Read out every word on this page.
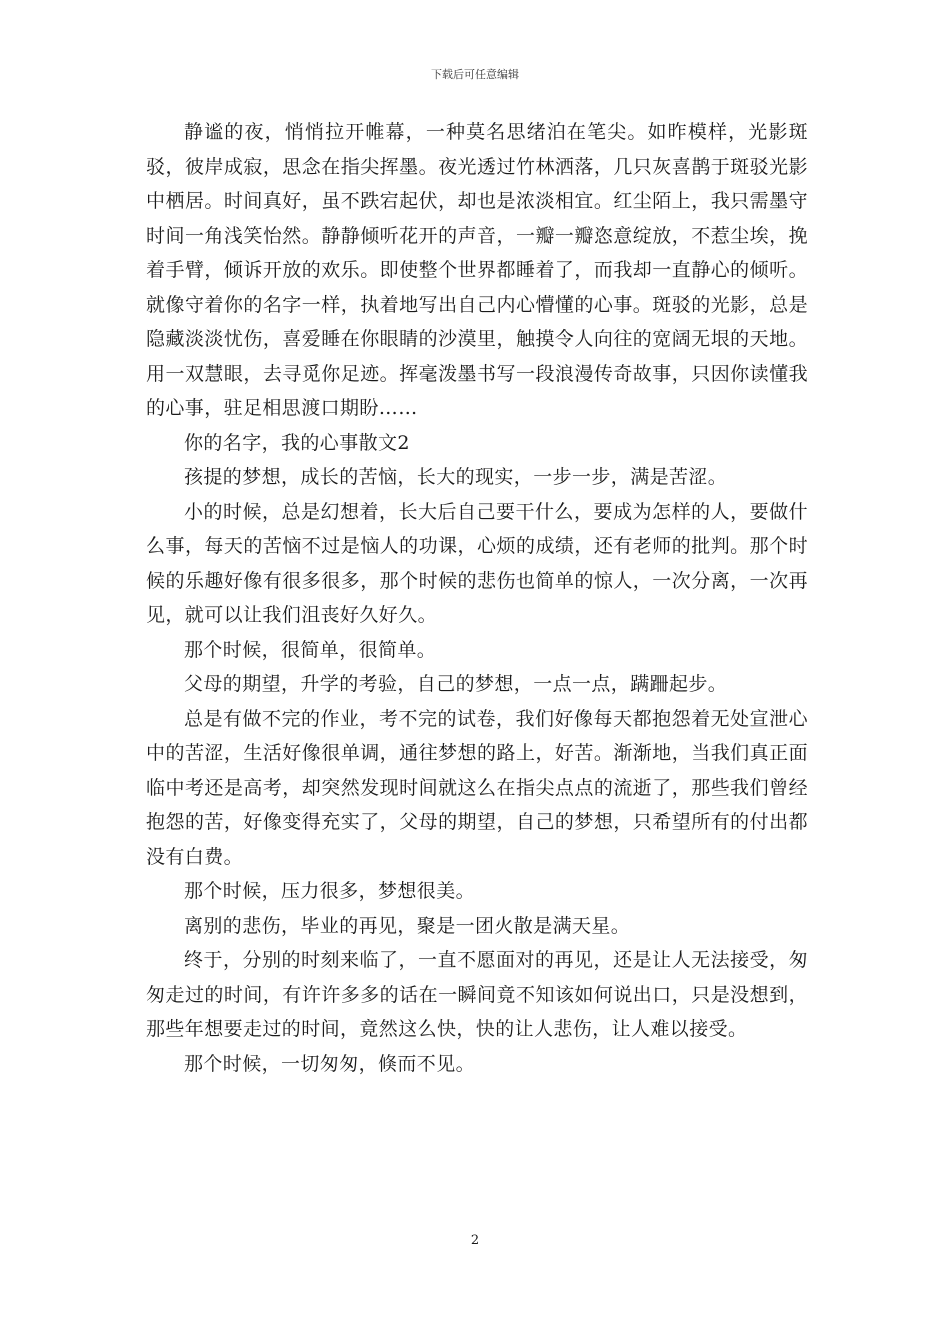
下载后可任意编辑

静谧的夜，悄悄拉开帷幕，一种莫名思绪泊在笔尖。如昨模样，光影斑驳，彼岸成寂，思念在指尖挥墨。夜光透过竹林洒落，几只灰喜鹊于斑驳光影中栖居。时间真好，虽不跌宕起伏，却也是浓淡相宜。红尘陌上，我只需墨守时间一角浅笑怡然。静静倾听花开的声音，一瓣一瓣恣意绽放，不惹尘埃，挽着手臂，倾诉开放的欢乐。即使整个世界都睡着了，而我却一直静心的倾听。就像守着你的名字一样，执着地写出自己内心懵懂的心事。斑驳的光影，总是隐藏淡淡忧伤，喜爱睡在你眼睛的沙漠里，触摸令人向往的宽阔无垠的天地。用一双慧眼，去寻觅你足迹。挥毫泼墨书写一段浪漫传奇故事，只因你读懂我的心事，驻足相思渡口期盼……

你的名字，我的心事散文2

孩提的梦想，成长的苦恼，长大的现实，一步一步，满是苦涩。

小的时候，总是幻想着，长大后自己要干什么，要成为怎样的人，要做什么事，每天的苦恼不过是恼人的功课，心烦的成绩，还有老师的批判。那个时候的乐趣好像有很多很多，那个时候的悲伤也简单的惊人，一次分离，一次再见，就可以让我们沮丧好久好久。

那个时候，很简单，很简单。

父母的期望，升学的考验，自己的梦想，一点一点，蹒跚起步。

总是有做不完的作业，考不完的试卷，我们好像每天都抱怨着无处宣泄心中的苦涩，生活好像很单调，通往梦想的路上，好苦。渐渐地，当我们真正面临中考还是高考，却突然发现时间就这么在指尖点点的流逝了，那些我们曾经抱怨的苦，好像变得充实了，父母的期望，自己的梦想，只希望所有的付出都没有白费。

那个时候，压力很多，梦想很美。

离别的悲伤，毕业的再见，聚是一团火散是满天星。

终于，分别的时刻来临了，一直不愿面对的再见，还是让人无法接受，匆匆走过的时间，有许许多多的话在一瞬间竟不知该如何说出口，只是没想到，那些年想要走过的时间，竟然这么快，快的让人悲伤，让人难以接受。

那个时候，一切匆匆，倏而不见。

2
